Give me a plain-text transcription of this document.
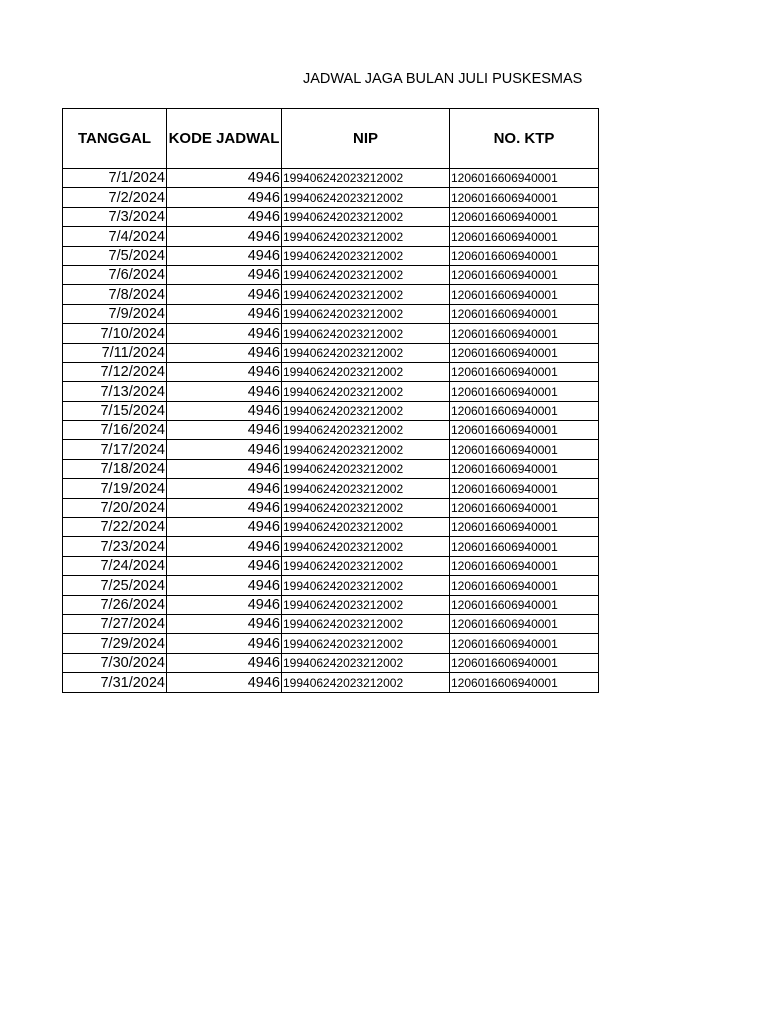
JADWAL JAGA BULAN JULI PUSKESMAS
TANGGAL	KODE JADWAL	NIP	NO. KTP
7/1/2024	4946	199406242023212002	1206016606940001
7/2/2024	4946	199406242023212002	1206016606940001
7/3/2024	4946	199406242023212002	1206016606940001
7/4/2024	4946	199406242023212002	1206016606940001
7/5/2024	4946	199406242023212002	1206016606940001
7/6/2024	4946	199406242023212002	1206016606940001
7/8/2024	4946	199406242023212002	1206016606940001
7/9/2024	4946	199406242023212002	1206016606940001
7/10/2024	4946	199406242023212002	1206016606940001
7/11/2024	4946	199406242023212002	1206016606940001
7/12/2024	4946	199406242023212002	1206016606940001
7/13/2024	4946	199406242023212002	1206016606940001
7/15/2024	4946	199406242023212002	1206016606940001
7/16/2024	4946	199406242023212002	1206016606940001
7/17/2024	4946	199406242023212002	1206016606940001
7/18/2024	4946	199406242023212002	1206016606940001
7/19/2024	4946	199406242023212002	1206016606940001
7/20/2024	4946	199406242023212002	1206016606940001
7/22/2024	4946	199406242023212002	1206016606940001
7/23/2024	4946	199406242023212002	1206016606940001
7/24/2024	4946	199406242023212002	1206016606940001
7/25/2024	4946	199406242023212002	1206016606940001
7/26/2024	4946	199406242023212002	1206016606940001
7/27/2024	4946	199406242023212002	1206016606940001
7/29/2024	4946	199406242023212002	1206016606940001
7/30/2024	4946	199406242023212002	1206016606940001
7/31/2024	4946	199406242023212002	1206016606940001
